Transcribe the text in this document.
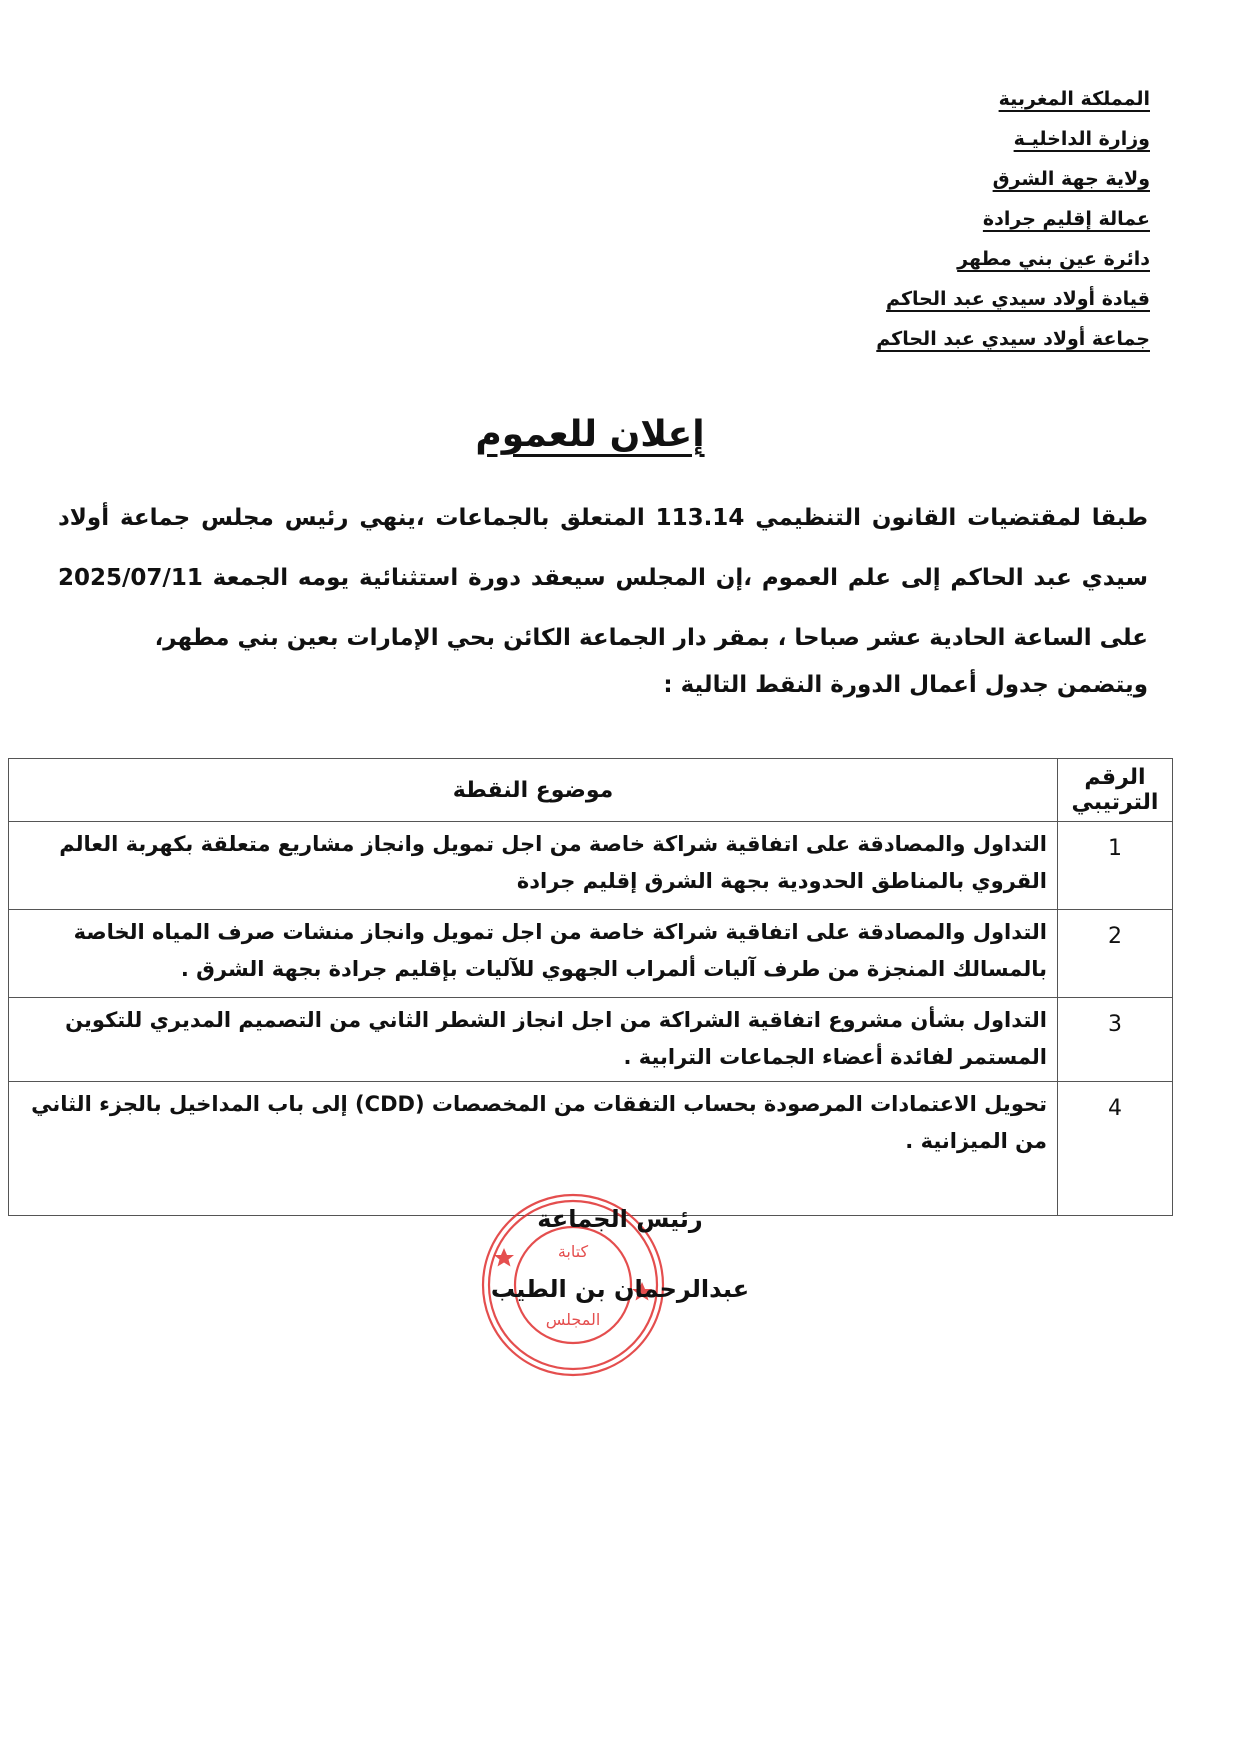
المملكة المغربية
وزارة الداخليـة
ولاية جهة الشرق
عمالة إقليم جرادة
دائرة عين بني مطهر
قيادة أولاد سيدي عبد الحاكم
جماعة أولاد سيدي عبد الحاكم
إعلان للعموم

طبقا لمقتضيات القانون التنظيمي 113.14 المتعلق بالجماعات ،ينهي رئيس مجلس جماعة أولاد سيدي عبد الحاكم إلى علم العموم ،إن المجلس سيعقد دورة استثنائية يومه الجمعة 2025/07/11 على الساعة الحادية عشر صباحا ، بمقر دار الجماعة الكائن بحي الإمارات بعين بني مطهر،

ويتضمن جدول أعمال الدورة النقط التالية :
الرقم الترتيبي	موضوع النقطة
1	التداول والمصادقة على اتفاقية شراكة خاصة من اجل تمويل وانجاز مشاريع متعلقة بكهربة العالم القروي بالمناطق الحدودية بجهة الشرق إقليم جرادة
2	التداول والمصادقة على اتفاقية شراكة خاصة من اجل تمويل وانجاز منشات صرف المياه الخاصة بالمسالك المنجزة من طرف آليات ألمراب الجهوي للآليات بإقليم جرادة بجهة الشرق .
3	التداول بشأن مشروع اتفاقية الشراكة من اجل انجاز الشطر الثاني من التصميم المديري للتكوين المستمر لفائدة أعضاء الجماعات الترابية .
4	تحويل الاعتمادات المرصودة بحساب التفقات من المخصصات (CDD) إلى باب المداخيل بالجزء الثاني من الميزانية .
كتابة
المجلس
رئيس الجماعة
عبدالرحمان بن الطيب
